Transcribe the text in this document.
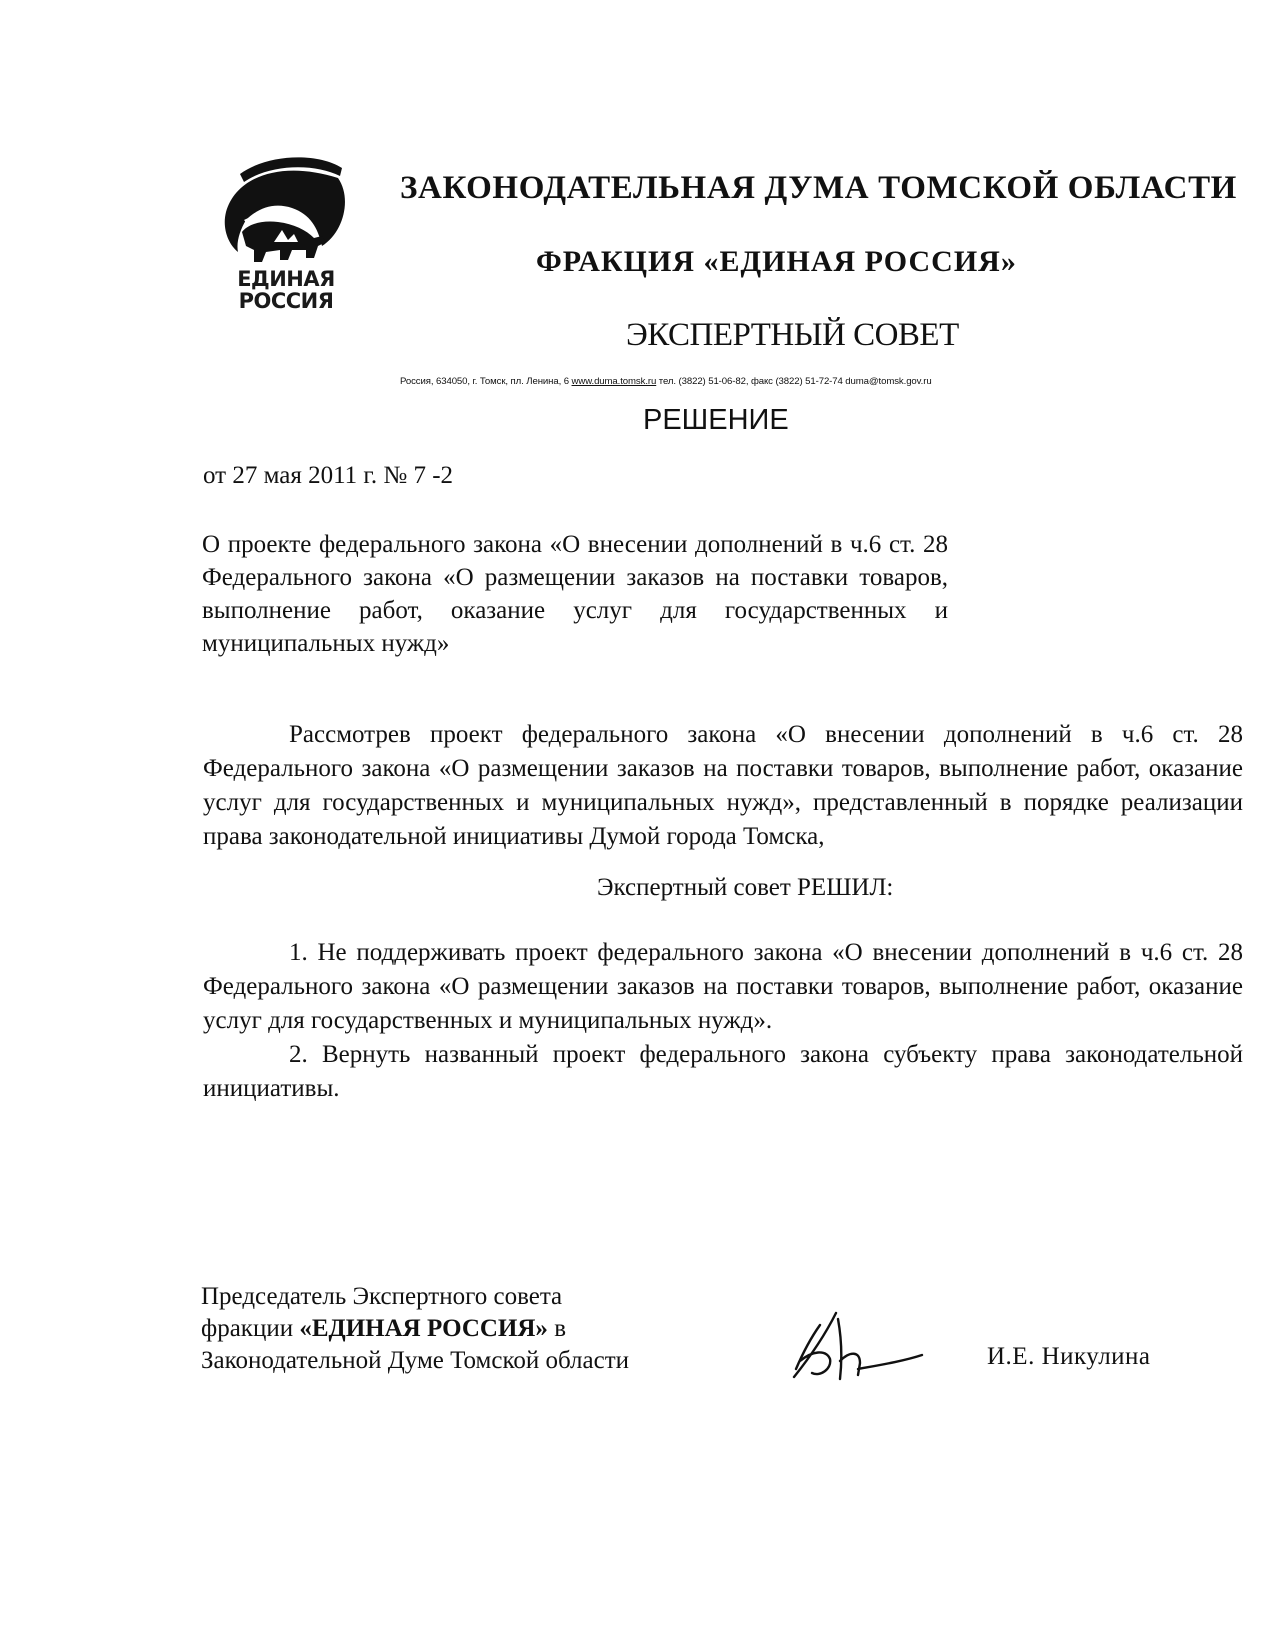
ЕДИНАЯ
РОССИЯ
ЗАКОНОДАТЕЛЬНАЯ ДУМА ТОМСКОЙ ОБЛАСТИ
ФРАКЦИЯ «ЕДИНАЯ РОССИЯ»
ЭКСПЕРТНЫЙ СОВЕТ
Россия, 634050, г. Томск, пл. Ленина, 6 www.duma.tomsk.ru тел. (3822) 51-06-82, факс (3822) 51-72-74 duma@tomsk.gov.ru
РЕШЕНИЕ
от 27 мая 2011 г. № 7 -2
О проекте федерального закона «О внесении дополнений в ч.6 ст. 28 Федерального закона «О размещении заказов на поставки товаров, выполнение работ, оказание услуг для государственных и муниципальных нужд»
Рассмотрев проект федерального закона «О внесении дополнений в ч.6 ст. 28 Федерального закона «О размещении заказов на поставки товаров, выполнение работ, оказание услуг для государственных и муниципальных нужд», представленный в порядке реализации права законодательной инициативы Думой города Томска,
Экспертный совет РЕШИЛ:
1. Не поддерживать проект федерального закона «О внесении дополнений в ч.6 ст. 28 Федерального закона «О размещении заказов на поставки товаров, выполнение работ, оказание услуг для государственных и муниципальных нужд».
2. Вернуть названный проект федерального закона субъекту права законодательной инициативы.
Председатель Экспертного совета
фракции «ЕДИНАЯ РОССИЯ» в
Законодательной Думе Томской области	И.Е. Никулина
